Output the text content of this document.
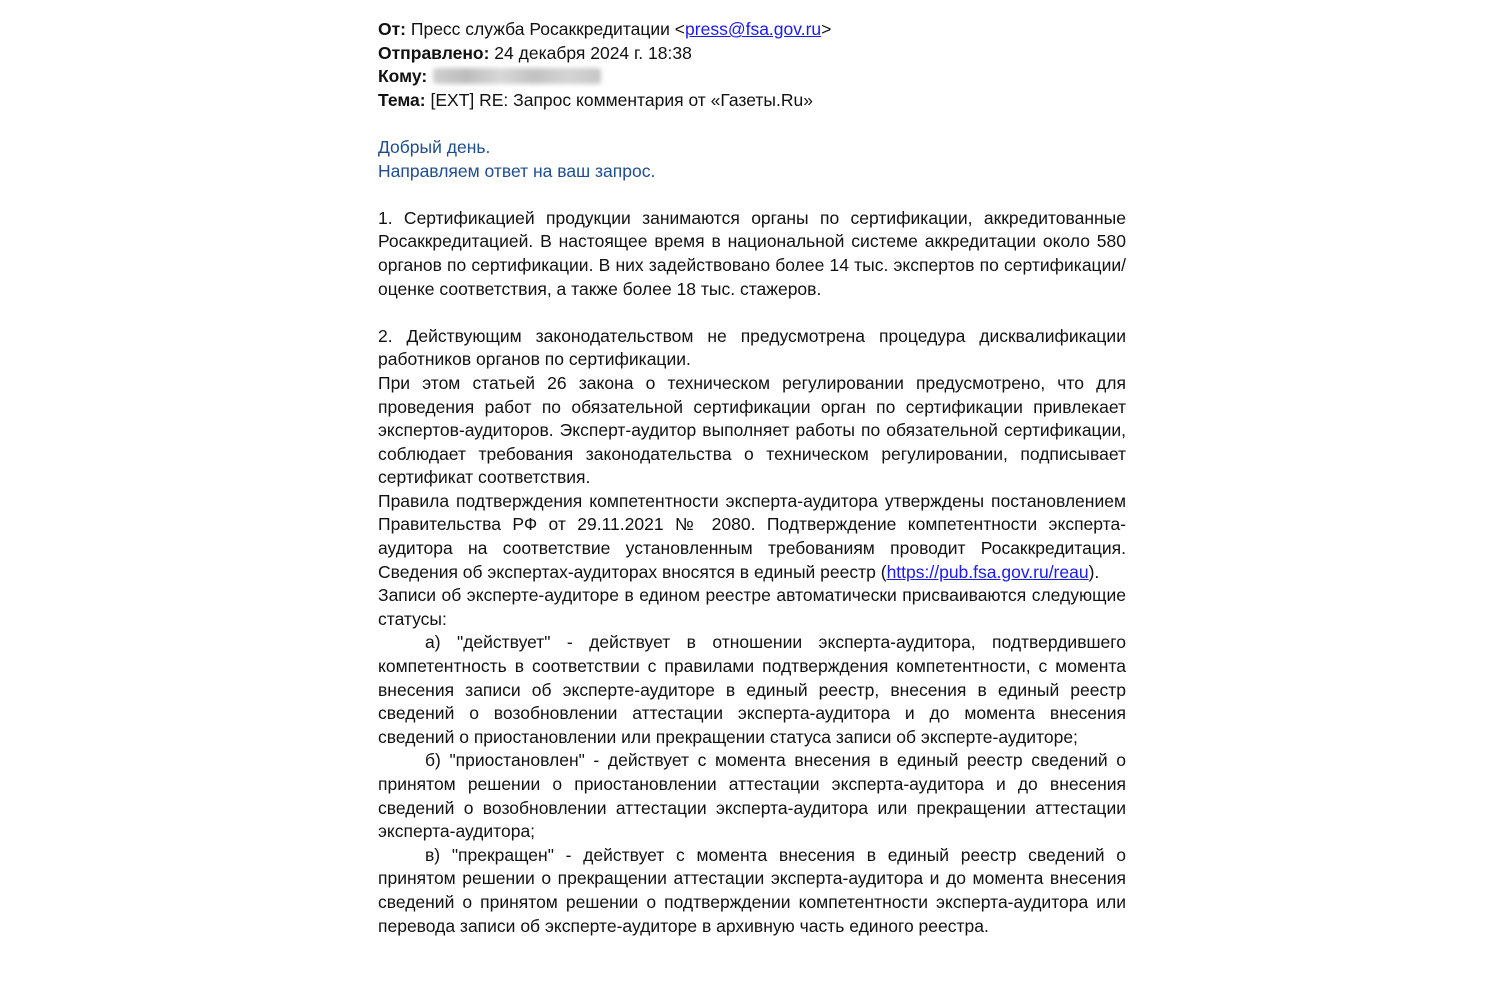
От: Пресс служба Росаккредитации <press@fsa.gov.ru>
Отправлено: 24 декабря 2024 г. 18:38
Кому:
Тема: [EXT] RE: Запрос комментария от «Газеты.Ru»

Добрый день.

Направляем ответ на ваш запрос.

1. Сертификацией продукции занимаются органы по сертификации, аккредитованные Росаккредитацией. В настоящее время в национальной системе аккредитации около 580 органов по сертификации. В них задействовано более 14 тыс. экспертов по сертификации/оценке соответствия, а также более 18 тыс. стажеров.

2. Действующим законодательством не предусмотрена процедура дисквалификации работников органов по сертификации.

При этом статьей 26 закона о техническом регулировании предусмотрено, что для проведения работ по обязательной сертификации орган по сертификации привлекает экспертов-аудиторов. Эксперт-аудитор выполняет работы по обязательной сертификации, соблюдает требования законодательства о техническом регулировании, подписывает сертификат соответствия.

Правила подтверждения компетентности эксперта-аудитора утверждены постановлением Правительства РФ от 29.11.2021 № 2080. Подтверждение компетентности эксперта-аудитора на соответствие установленным требованиям проводит Росаккредитация. Сведения об экспертах-аудиторах вносятся в единый реестр (https://pub.fsa.gov.ru/reau).

Записи об эксперте-аудиторе в едином реестре автоматически присваиваются следующие статусы:

а) "действует" - действует в отношении эксперта-аудитора, подтвердившего компетентность в соответствии с правилами подтверждения компетентности, с момента внесения записи об эксперте-аудиторе в единый реестр, внесения в единый реестр сведений о возобновлении аттестации эксперта-аудитора и до момента внесения сведений о приостановлении или прекращении статуса записи об эксперте-аудиторе;

б) "приостановлен" - действует с момента внесения в единый реестр сведений о принятом решении о приостановлении аттестации эксперта-аудитора и до внесения сведений о возобновлении аттестации эксперта-аудитора или прекращении аттестации эксперта-аудитора;

в) "прекращен" - действует с момента внесения в единый реестр сведений о принятом решении о прекращении аттестации эксперта-аудитора и до момента внесения сведений о принятом решении о подтверждении компетентности эксперта-аудитора или перевода записи об эксперте-аудиторе в архивную часть единого реестра.
